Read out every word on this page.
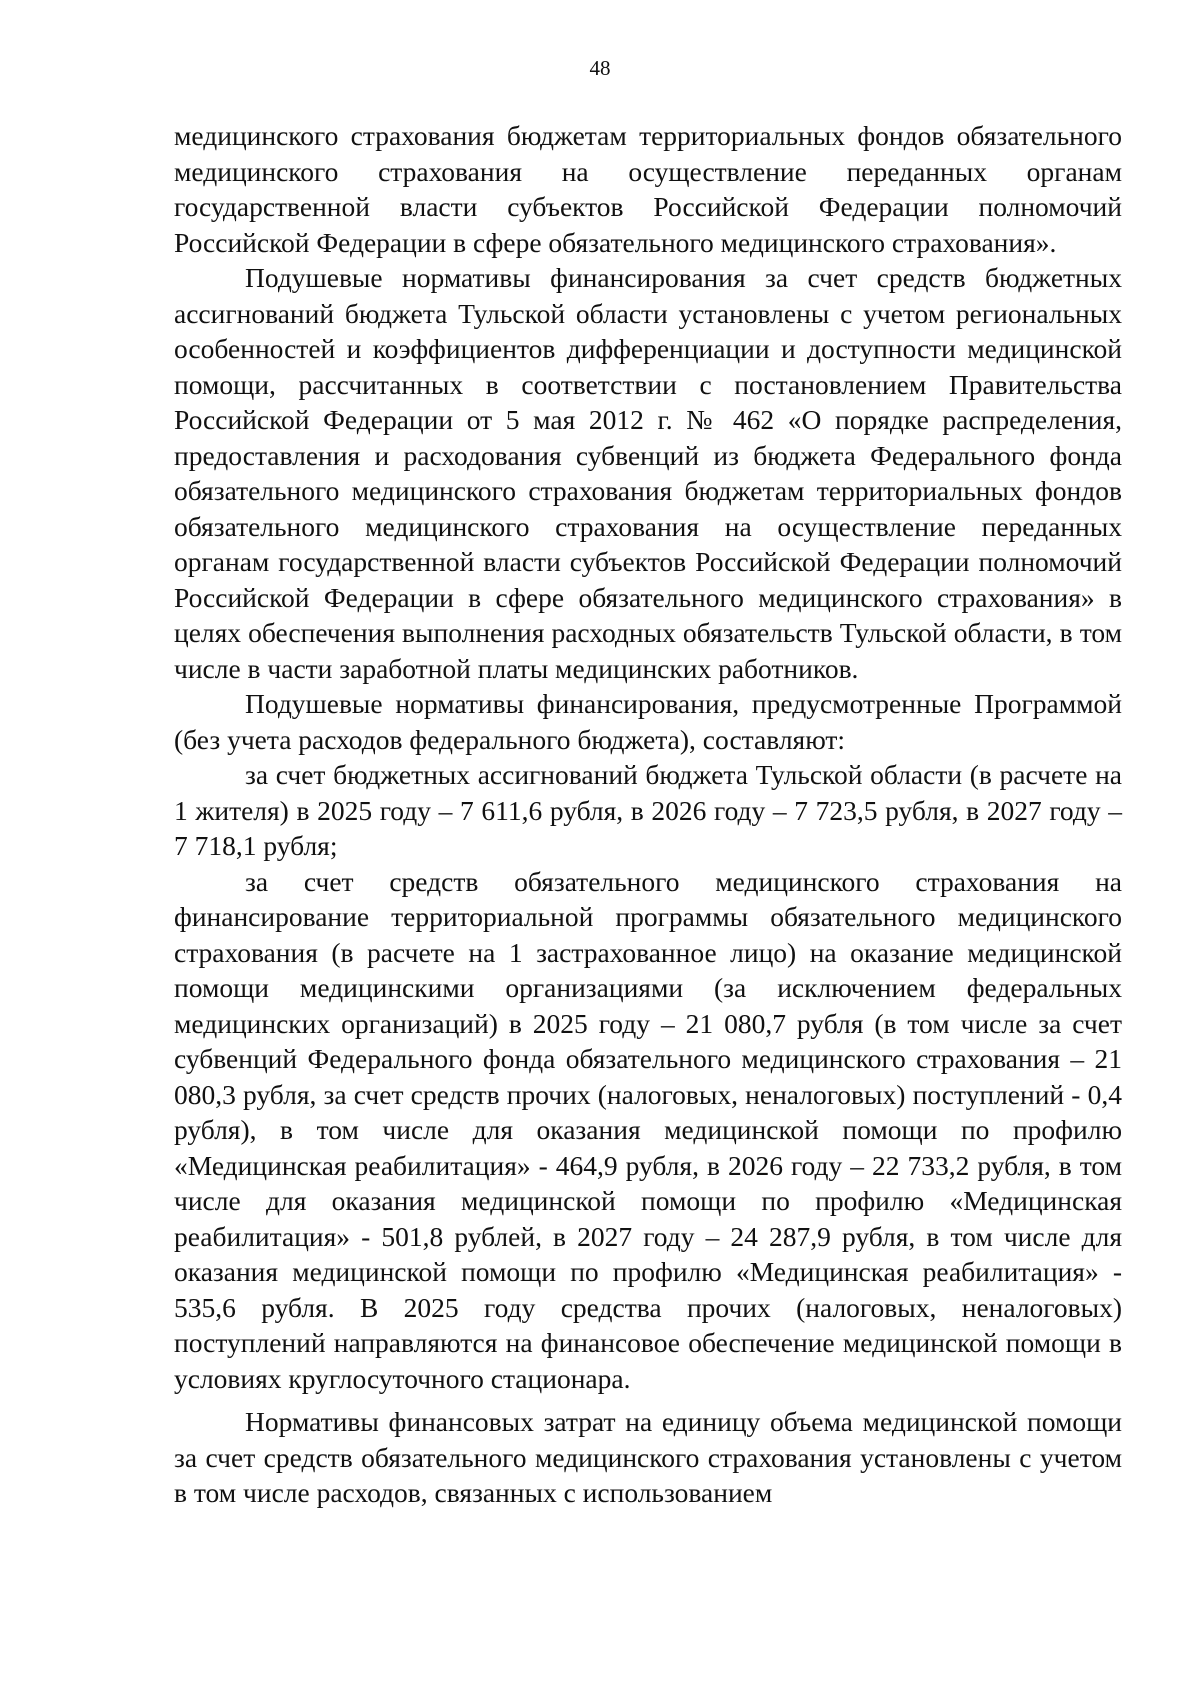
48

медицинского страхования бюджетам территориальных фондов обязательного медицинского страхования на осуществление переданных органам государственной власти субъектов Российской Федерации полномочий Российской Федерации в сфере обязательного медицинского страхования».

Подушевые нормативы финансирования за счет средств бюджетных ассигнований бюджета Тульской области установлены с учетом региональных особенностей и коэффициентов дифференциации и доступности медицинской помощи, рассчитанных в соответствии с постановлением Правительства Российской Федерации от 5 мая 2012 г. № 462 «О порядке распределения, предоставления и расходования субвенций из бюджета Федерального фонда обязательного медицинского страхования бюджетам территориальных фондов обязательного медицинского страхования на осуществление переданных органам государственной власти субъектов Российской Федерации полномочий Российской Федерации в сфере обязательного медицинского страхования» в целях обеспечения выполнения расходных обязательств Тульской области, в том числе в части заработной платы медицинских работников.

Подушевые нормативы финансирования, предусмотренные Программой (без учета расходов федерального бюджета), составляют:

за счет бюджетных ассигнований бюджета Тульской области (в расчете на 1 жителя) в 2025 году – 7 611,6 рубля, в 2026 году – 7 723,5 рубля, в 2027 году – 7 718,1 рубля;

за счет средств обязательного медицинского страхования на финансирование территориальной программы обязательного медицинского страхования (в расчете на 1 застрахованное лицо) на оказание медицинской помощи медицинскими организациями (за исключением федеральных медицинских организаций) в 2025 году – 21 080,7 рубля (в том числе за счет субвенций Федерального фонда обязательного медицинского страхования – 21 080,3 рубля, за счет средств прочих (налоговых, неналоговых) поступлений - 0,4 рубля), в том числе для оказания медицинской помощи по профилю «Медицинская реабилитация» - 464,9 рубля, в 2026 году – 22 733,2 рубля, в том числе для оказания медицинской помощи по профилю «Медицинская реабилитация» - 501,8 рублей, в 2027 году – 24 287,9 рубля, в том числе для оказания медицинской помощи по профилю «Медицинская реабилитация» - 535,6 рубля. В 2025 году средства прочих (налоговых, неналоговых) поступлений направляются на финансовое обеспечение медицинской помощи в условиях круглосуточного стационара.

Нормативы финансовых затрат на единицу объема медицинской помощи за счет средств обязательного медицинского страхования установлены с учетом в том числе расходов, связанных с использованием
